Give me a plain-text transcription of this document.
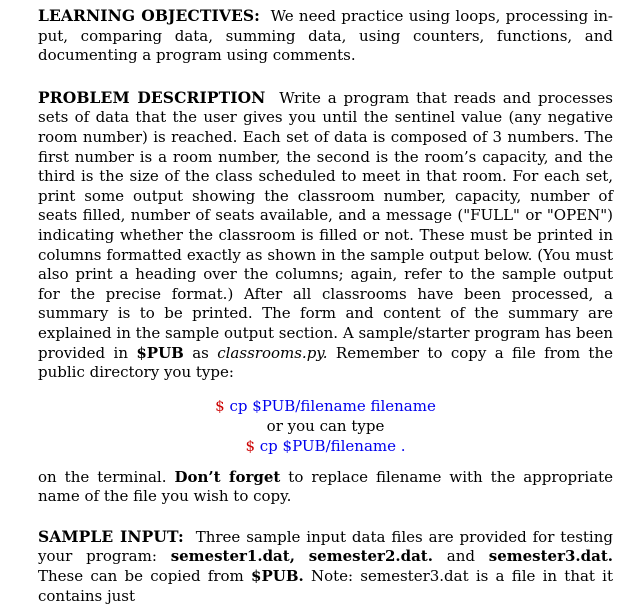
LEARNING OBJECTIVES: We need practice using loops, processing input, comparing data, summing data, using counters, functions, and documenting a program using comments.

PROBLEM DESCRIPTION Write a program that reads and processes sets of data that the user gives you until the sentinel value (any negative room number) is reached. Each set of data is composed of 3 numbers. The first number is a room number, the second is the room’s capacity, and the third is the size of the class scheduled to meet in that room. For each set, print some output showing the classroom number, capacity, number of seats filled, number of seats available, and a message ("FULL" or "OPEN") indicating whether the classroom is filled or not. These must be printed in columns formatted exactly as shown in the sample output below. (You must also print a heading over the columns; again, refer to the sample output for the precise format.) After all classrooms have been processed, a summary is to be printed. The form and content of the summary are explained in the sample output section. A sample/starter program has been provided in $PUB as classrooms.py. Remember to copy a file from the public directory you type:

$ cp $PUB/filename filename
or you can type
$ cp $PUB/filename .

on the terminal. Don’t forget to replace filename with the appropriate name of the file you wish to copy.

SAMPLE INPUT: Three sample input data files are provided for testing your program: semester1.dat, semester2.dat. and semester3.dat. These can be copied from $PUB. Note: semester3.dat is a file in that it contains just
